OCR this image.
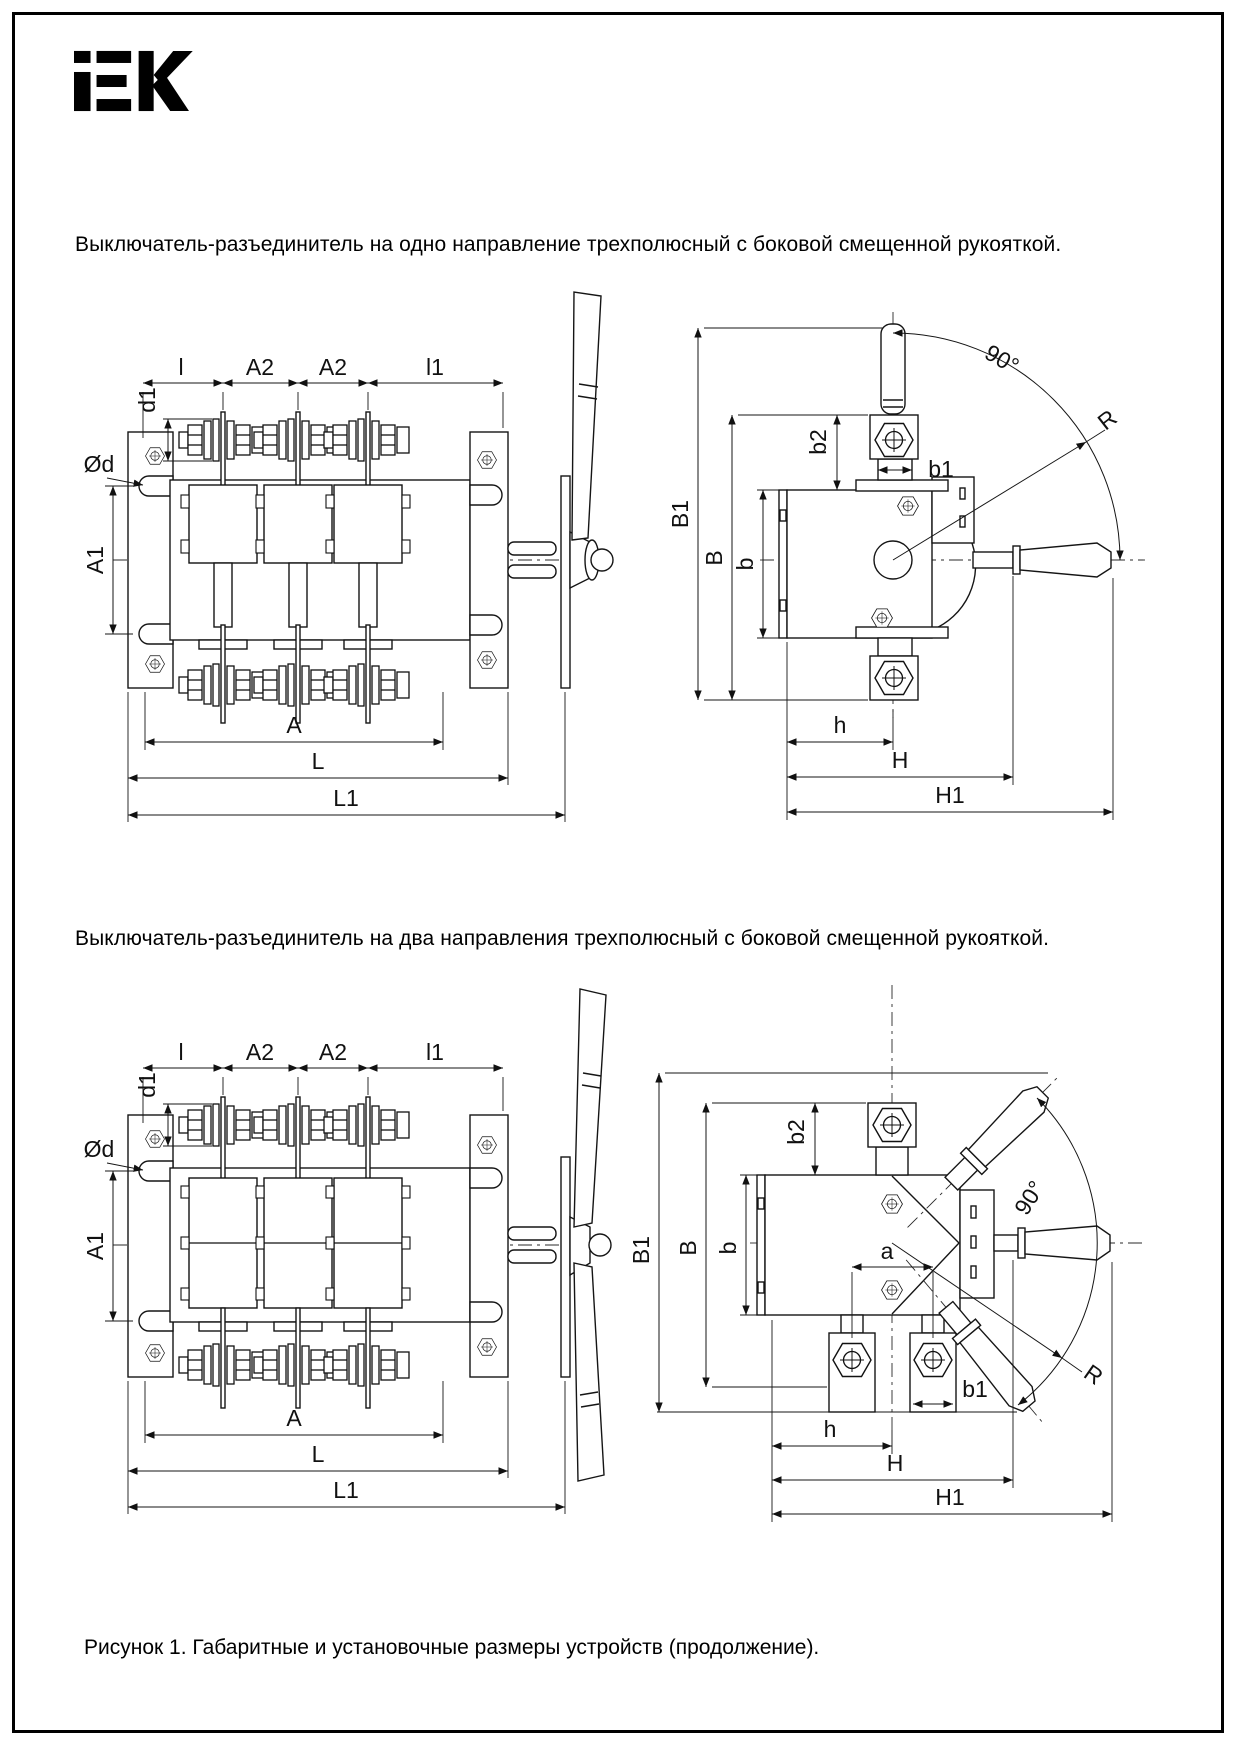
Выключатель-разъединитель на одно направление трехполюсный с боковой смещенной рукояткой.
l	A2 A2	l1
d1
Ød
A1
A
L
L1
90°
R
b2
b1
B1
B b
h
H
H1
Выключатель-разъединитель на два направления трехполюсный с боковой смещенной рукояткой.
l	A2 A2	l1
d1
Ød
A1
A
L
L1
90°
R
b2
a
B1 B b
b1
h
H
H1
Рисунок 1. Габаритные и установочные размеры устройств (продолжение).
